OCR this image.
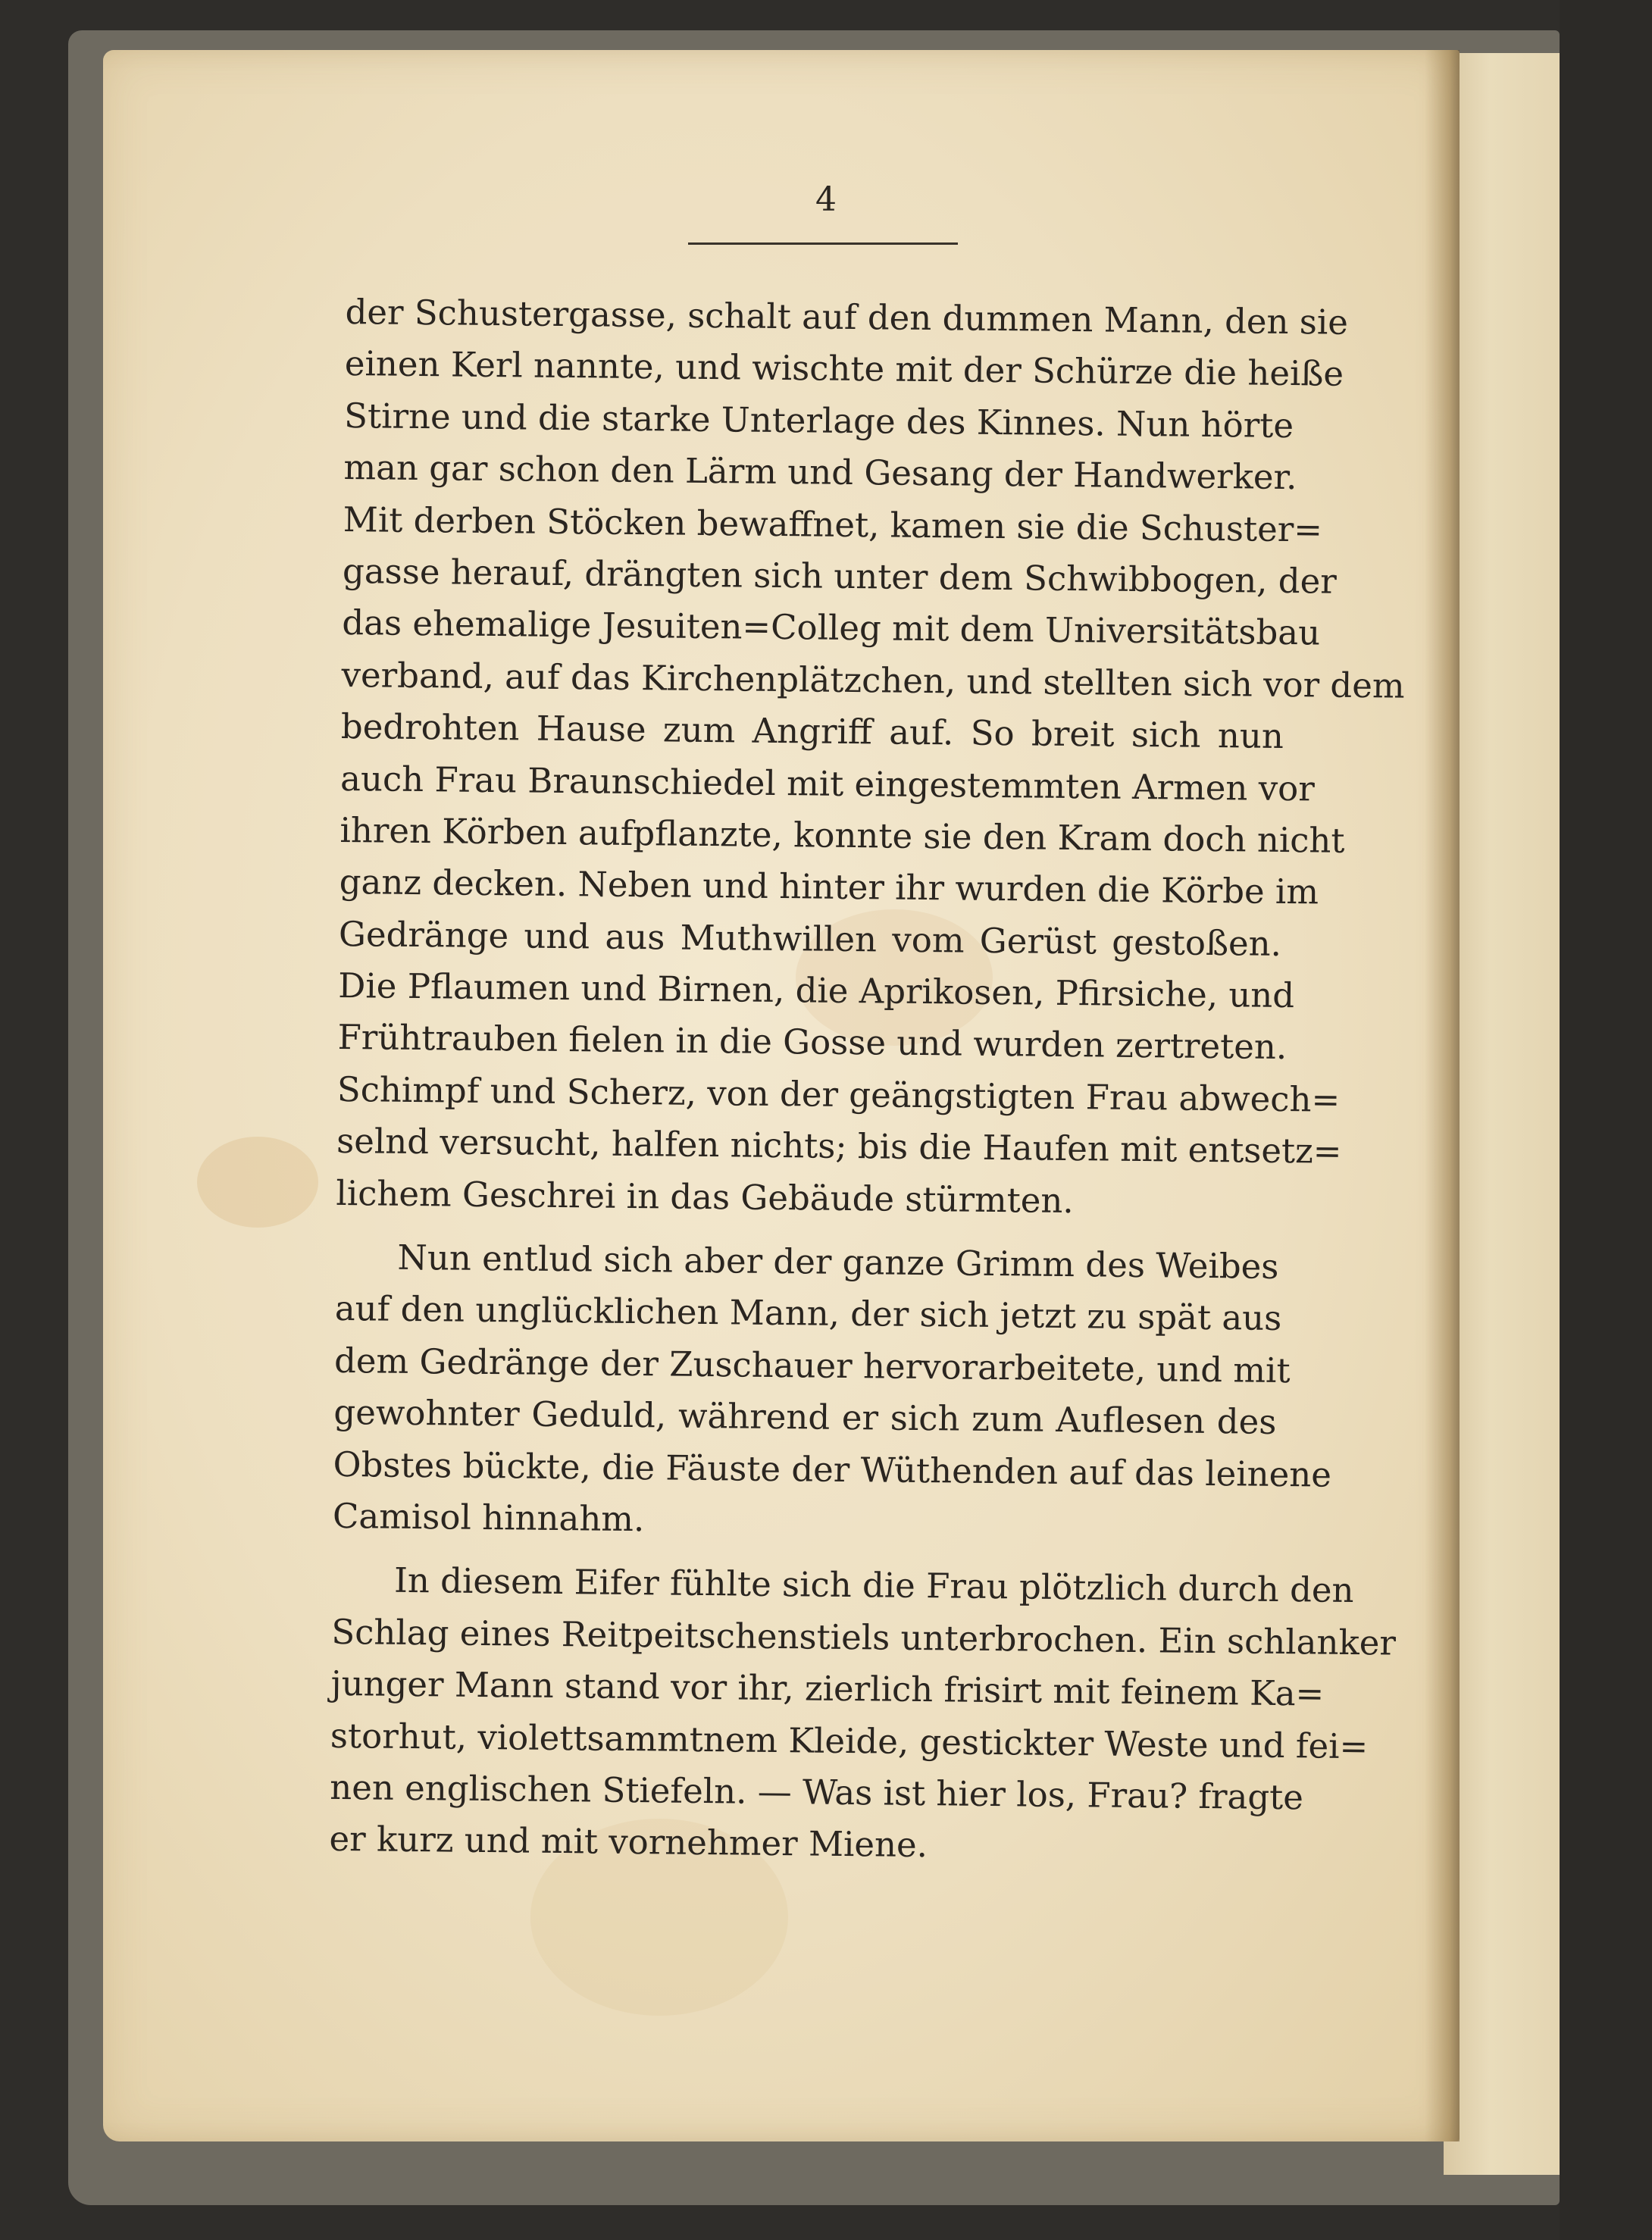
4
der Schustergasse, schalt auf den dummen Mann, den sie
einen Kerl nannte, und wischte mit der Schürze die heiße
Stirne und die starke Unterlage des Kinnes. Nun hörte
man gar schon den Lärm und Gesang der Handwerker.
Mit derben Stöcken bewaffnet, kamen sie die Schuster=
gasse herauf, drängten sich unter dem Schwibbogen, der
das ehemalige Jesuiten=Colleg mit dem Universitätsbau
verband, auf das Kirchenplätzchen, und stellten sich vor dem
bedrohten Hause zum Angriff auf. So breit sich nun
auch Frau Braunschiedel mit eingestemmten Armen vor
ihren Körben aufpflanzte, konnte sie den Kram doch nicht
ganz decken. Neben und hinter ihr wurden die Körbe im
Gedränge und aus Muthwillen vom Gerüst gestoßen.
Die Pflaumen und Birnen, die Aprikosen, Pfirsiche, und
Frühtrauben fielen in die Gosse und wurden zertreten.
Schimpf und Scherz, von der geängstigten Frau abwech=
selnd versucht, halfen nichts; bis die Haufen mit entsetz=
lichem Geschrei in das Gebäude stürmten.
Nun entlud sich aber der ganze Grimm des Weibes
auf den unglücklichen Mann, der sich jetzt zu spät aus
dem Gedränge der Zuschauer hervorarbeitete, und mit
gewohnter Geduld, während er sich zum Auflesen des
Obstes bückte, die Fäuste der Wüthenden auf das leinene
Camisol hinnahm.
In diesem Eifer fühlte sich die Frau plötzlich durch den
Schlag eines Reitpeitschenstiels unterbrochen. Ein schlanker
junger Mann stand vor ihr, zierlich frisirt mit feinem Ka=
storhut, violettsammtnem Kleide, gestickter Weste und fei=
nen englischen Stiefeln. — Was ist hier los, Frau? fragte
er kurz und mit vornehmer Miene.
